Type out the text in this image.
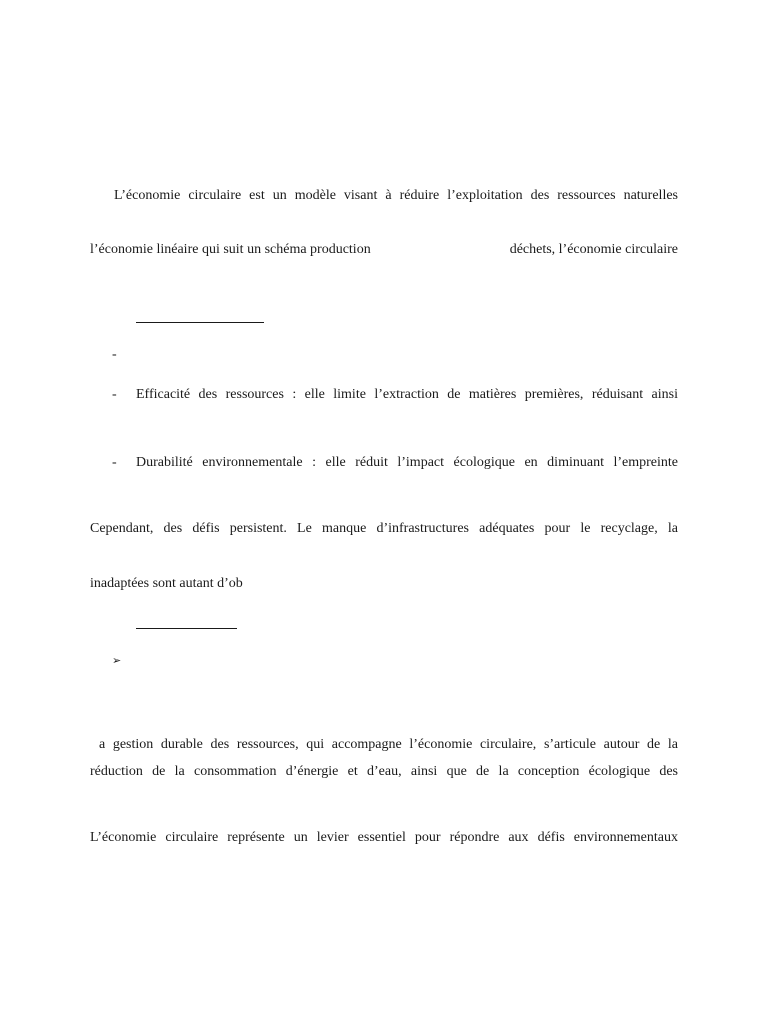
L’économie circulaire est un modèle visant à réduire l’exploitation des ressources naturelles
l’économie linéaire qui suit un schéma production	déchets, l’économie circulaire
-
- Efficacité des ressources : elle limite l’extraction de matières premières, réduisant ainsi
- Durabilité environnementale : elle réduit l’impact écologique en diminuant l’empreinte
Cependant, des défis persistent. Le manque d’infrastructures adéquates pour le recyclage, la
inadaptées sont autant d’ob
➢
a gestion durable des ressources, qui accompagne l’économie circulaire, s’articule autour de la
réduction de la consommation d’énergie et d’eau, ainsi que de la conception écologique des
L’économie circulaire représente un levier essentiel pour répondre aux défis environnementaux
